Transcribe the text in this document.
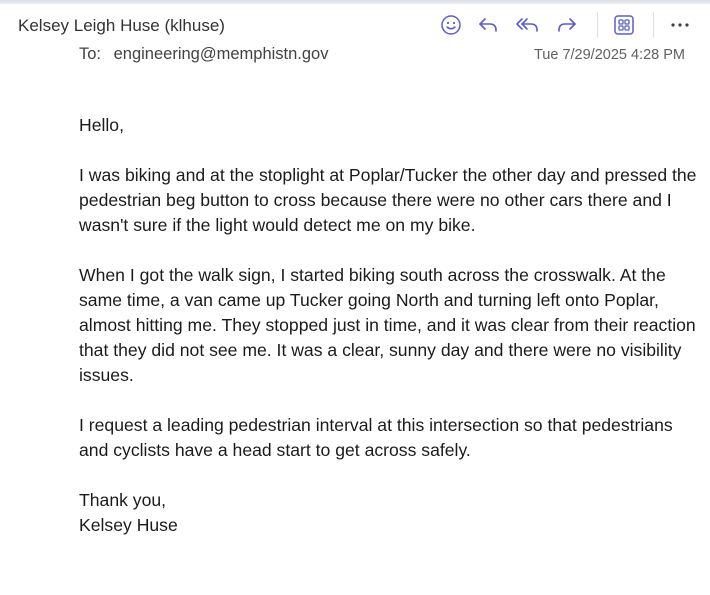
Kelsey Leigh Huse (klhuse)
To: engineering@memphistn.gov	Tue 7/29/2025 4:28 PM

Hello,

I was biking and at the stoplight at Poplar/Tucker the other day and pressed the pedestrian beg button to cross because there were no other cars there and I wasn't sure if the light would detect me on my bike.

When I got the walk sign, I started biking south across the crosswalk. At the same time, a van came up Tucker going North and turning left onto Poplar, almost hitting me. They stopped just in time, and it was clear from their reaction that they did not see me. It was a clear, sunny day and there were no visibility issues.

I request a leading pedestrian interval at this intersection so that pedestrians and cyclists have a head start to get across safely.

Thank you,

Kelsey Huse
